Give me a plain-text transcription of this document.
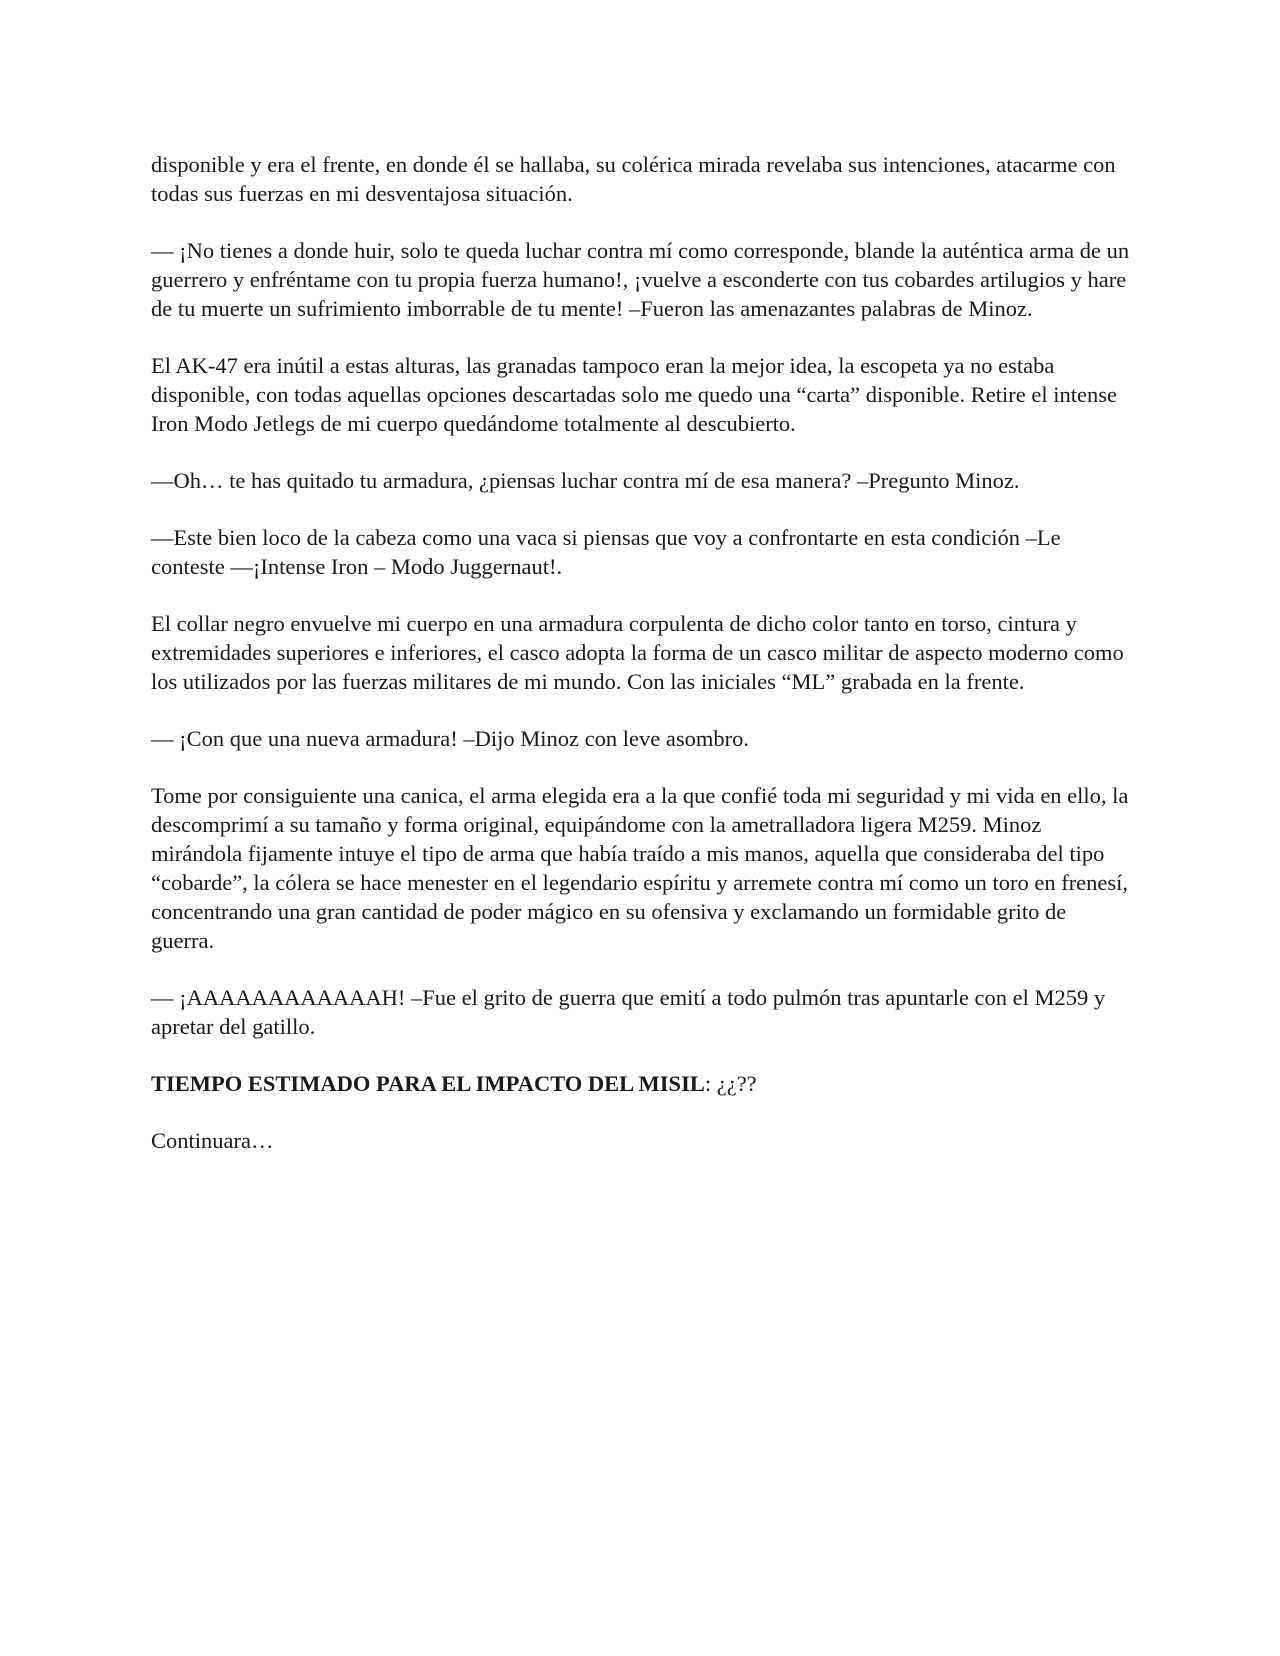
disponible y era el frente, en donde él se hallaba, su colérica mirada revelaba sus intenciones, atacarme con todas sus fuerzas en mi desventajosa situación.

— ¡No tienes a donde huir, solo te queda luchar contra mí como corresponde, blande la auténtica arma de un guerrero y enfréntame con tu propia fuerza humano!, ¡vuelve a esconderte con tus cobardes artilugios y hare de tu muerte un sufrimiento imborrable de tu mente! –Fueron las amenazantes palabras de Minoz.

El AK-47 era inútil a estas alturas, las granadas tampoco eran la mejor idea, la escopeta ya no estaba disponible, con todas aquellas opciones descartadas solo me quedo una “carta” disponible. Retire el intense Iron Modo Jetlegs de mi cuerpo quedándome totalmente al descubierto.

—Oh… te has quitado tu armadura, ¿piensas luchar contra mí de esa manera? –Pregunto Minoz.

—Este bien loco de la cabeza como una vaca si piensas que voy a confrontarte en esta condición –Le conteste —¡Intense Iron – Modo Juggernaut!.

El collar negro envuelve mi cuerpo en una armadura corpulenta de dicho color tanto en torso, cintura y extremidades superiores e inferiores, el casco adopta la forma de un casco militar de aspecto moderno como los utilizados por las fuerzas militares de mi mundo. Con las iniciales “ML” grabada en la frente.

— ¡Con que una nueva armadura! –Dijo Minoz con leve asombro.

Tome por consiguiente una canica, el arma elegida era a la que confié toda mi seguridad y mi vida en ello, la descomprimí a su tamaño y forma original, equipándome con la ametralladora ligera M259. Minoz mirándola fijamente intuye el tipo de arma que había traído a mis manos, aquella que consideraba del tipo “cobarde”, la cólera se hace menester en el legendario espíritu y arremete contra mí como un toro en frenesí, concentrando una gran cantidad de poder mágico en su ofensiva y exclamando un formidable grito de guerra.

— ¡AAAAAAAAAAAAH! –Fue el grito de guerra que emití a todo pulmón tras apuntarle con el M259 y apretar del gatillo.

TIEMPO ESTIMADO PARA EL IMPACTO DEL MISIL: ¿¿??

Continuara…
